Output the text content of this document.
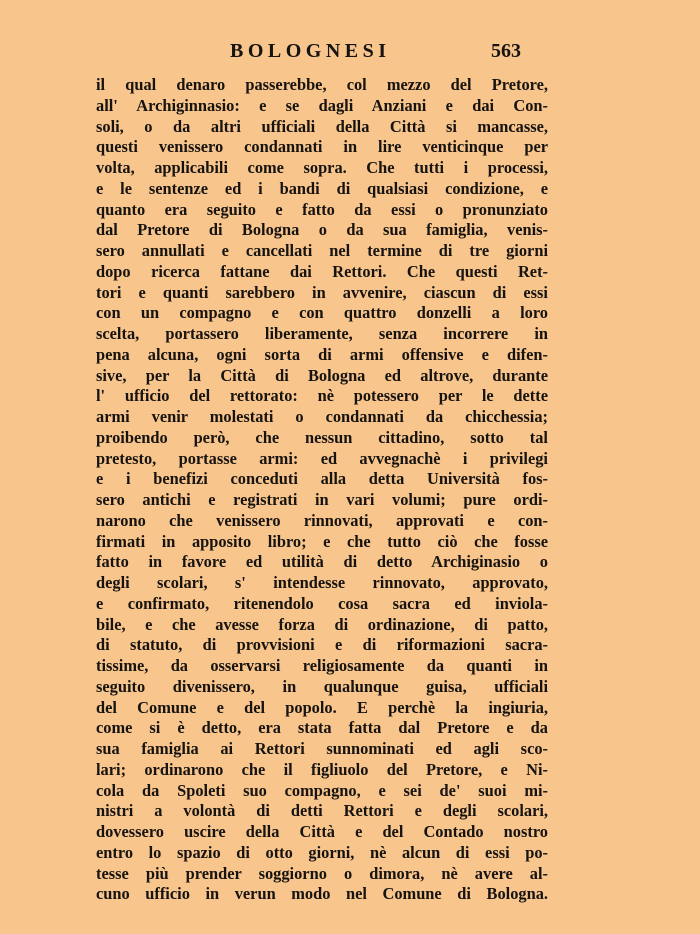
BOLOGNESI	563
il qual denaro passerebbe, col mezzo del Pretore,
all' Archiginnasio: e se dagli Anziani e dai Con-
soli, o da altri ufficiali della Città si mancasse,
questi venissero condannati in lire venticinque per
volta, applicabili come sopra. Che tutti i processi,
e le sentenze ed i bandi di qualsiasi condizione, e
quanto era seguito e fatto da essi o pronunziato
dal Pretore di Bologna o da sua famiglia, venis-
sero annullati e cancellati nel termine di tre giorni
dopo ricerca fattane dai Rettori. Che questi Ret-
tori e quanti sarebbero in avvenire, ciascun di essi
con un compagno e con quattro donzelli a loro
scelta, portassero liberamente, senza incorrere in
pena alcuna, ogni sorta di armi offensive e difen-
sive, per la Città di Bologna ed altrove, durante
l' ufficio del rettorato: nè potessero per le dette
armi venir molestati o condannati da chicchessia;
proibendo però, che nessun cittadino, sotto tal
pretesto, portasse armi: ed avvegnachè i privilegi
e i benefizi conceduti alla detta Università fos-
sero antichi e registrati in vari volumi; pure ordi-
narono che venissero rinnovati, approvati e con-
firmati in apposito libro; e che tutto ciò che fosse
fatto in favore ed utilità di detto Archiginasio o
degli scolari, s' intendesse rinnovato, approvato,
e confirmato, ritenendolo cosa sacra ed inviola-
bile, e che avesse forza di ordinazione, di patto,
di statuto, di provvisioni e di riformazioni sacra-
tissime, da osservarsi religiosamente da quanti in
seguito divenissero, in qualunque guisa, ufficiali
del Comune e del popolo. E perchè la ingiuria,
come si è detto, era stata fatta dal Pretore e da
sua famiglia ai Rettori sunnominati ed agli sco-
lari; ordinarono che il figliuolo del Pretore, e Ni-
cola da Spoleti suo compagno, e sei de' suoi mi-
nistri a volontà di detti Rettori e degli scolari,
dovessero uscire della Città e del Contado nostro
entro lo spazio di otto giorni, nè alcun di essi po-
tesse più prender soggiorno o dimora, nè avere al-
cuno ufficio in verun modo nel Comune di Bologna.
